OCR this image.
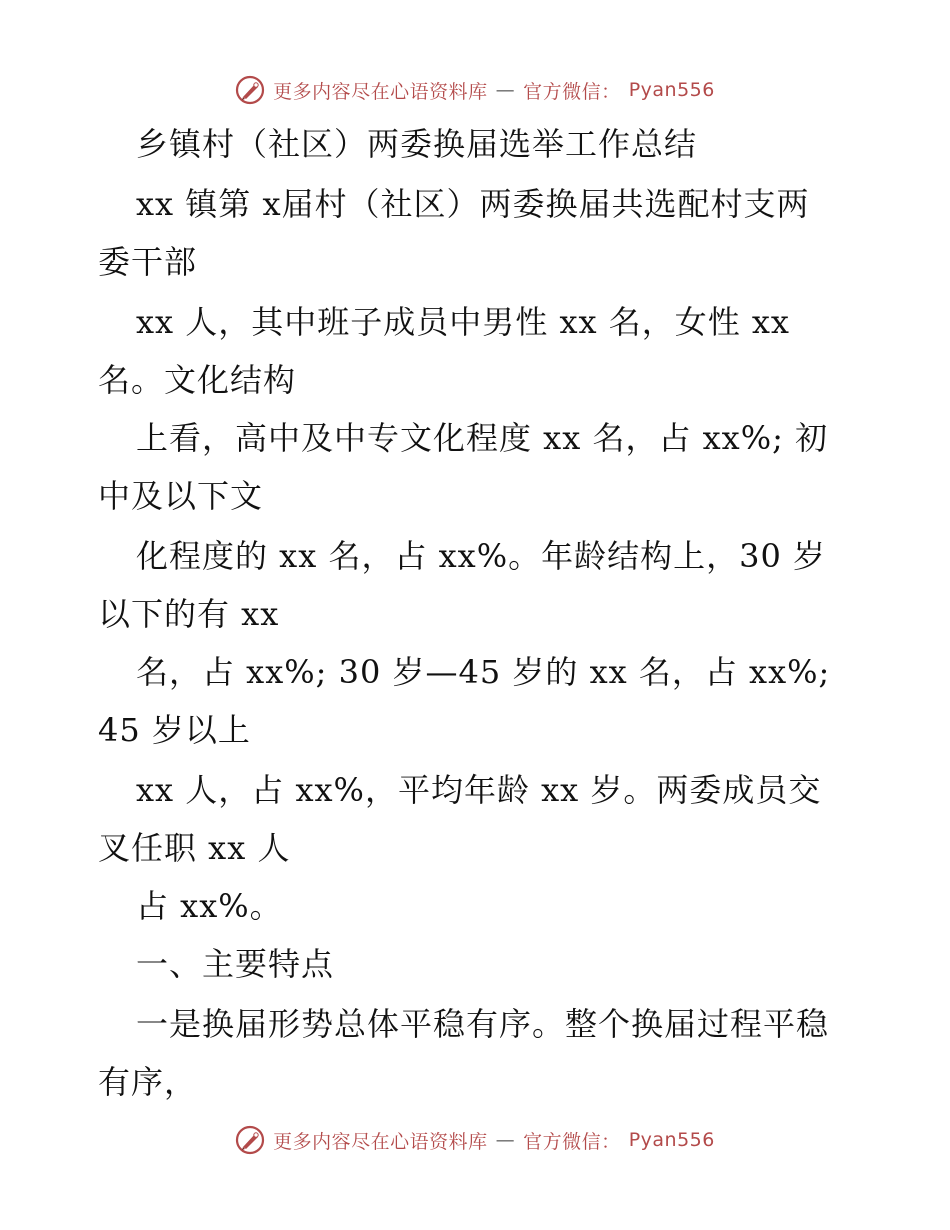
更多内容尽在心语资料库 — 官方微信： Pyan556
乡镇村（社区）两委换届选举工作总结
xx 镇第 x届村（社区）两委换届共选配村支两
委干部
xx 人，其中班子成员中男性 xx 名，女性 xx
名。文化结构
上看，高中及中专文化程度 xx 名，占 xx%; 初
中及以下文
化程度的 xx 名，占 xx%。年龄结构上，30 岁
以下的有 xx
名，占 xx%; 30 岁—45 岁的 xx 名，占 xx%;
45 岁以上
xx 人，占 xx%，平均年龄 xx 岁。两委成员交
叉任职 xx 人
占 xx%。
一、主要特点
一是换届形势总体平稳有序。整个换届过程平稳
有序，
更多内容尽在心语资料库 — 官方微信： Pyan556
